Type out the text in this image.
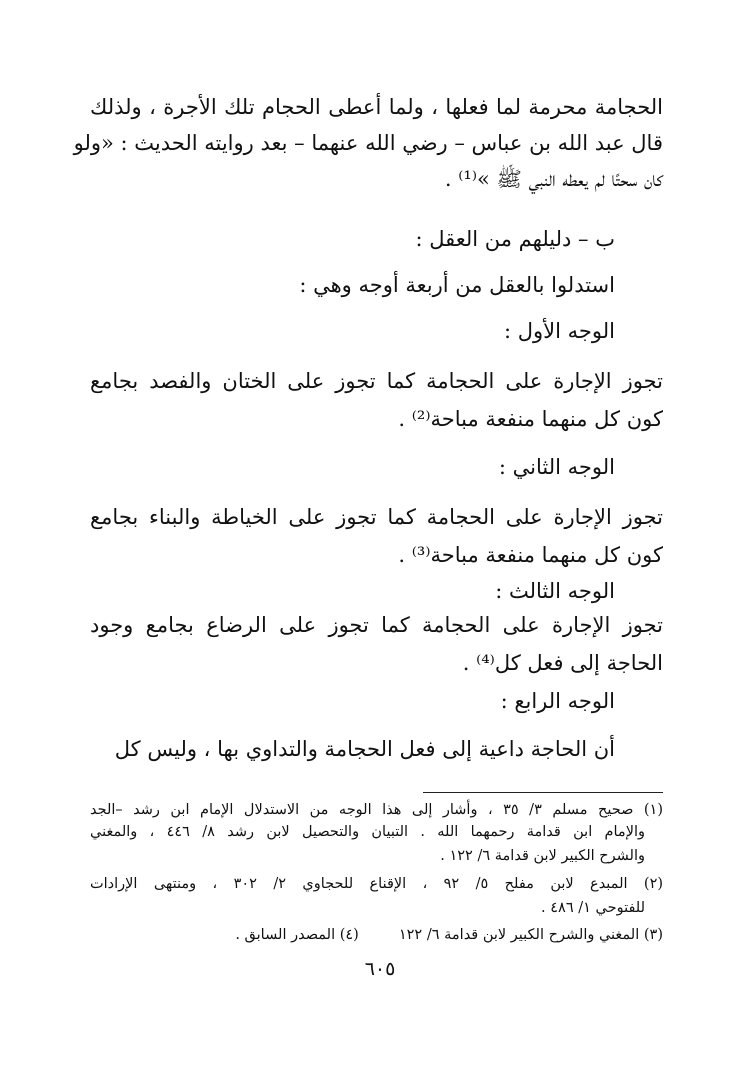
الحجامة محرمة لما فعلها ، ولما أعطى الحجام تلك الأجرة ، ولذلك
قال عبد الله بن عباس – رضي الله عنهما – بعد روايته الحديث : «ولو
كان سحتًا لم يعطه النبي ﷺ »⁽¹⁾ .
ب – دليلهم من العقل :
استدلوا بالعقل من أربعة أوجه وهي :
الوجه الأول :
تجوز الإجارة على الحجامة كما تجوز على الختان والفصد بجامع
كون كل منهما منفعة مباحة⁽²⁾ .
الوجه الثاني :
تجوز الإجارة على الحجامة كما تجوز على الخياطة والبناء بجامع
كون كل منهما منفعة مباحة⁽³⁾ .
الوجه الثالث :
تجوز الإجارة على الحجامة كما تجوز على الرضاع بجامع وجود
الحاجة إلى فعل كل⁽⁴⁾ .
الوجه الرابع :
أن الحاجة داعية إلى فعل الحجامة والتداوي بها ، وليس كل
(١) صحيح مسلم ٣/ ٣٥ ، وأشار إلى هذا الوجه من الاستدلال الإمام ابن رشد –الجد
والإمام ابن قدامة رحمهما الله . التبيان والتحصيل لابن رشد ٨/ ٤٤٦ ، والمغني
والشرح الكبير لابن قدامة ٦/ ١٢٢ .
(٢) المبدع لابن مفلح ٥/ ٩٢ ، الإقناع للحجاوي ٢/ ٣٠٢ ، ومنتهى الإرادات
للفتوحي ١/ ٤٨٦ .
(٣) المغني والشرح الكبير لابن قدامة ٦/ ١٢٢(٤) المصدر السابق .
٦٠٥
